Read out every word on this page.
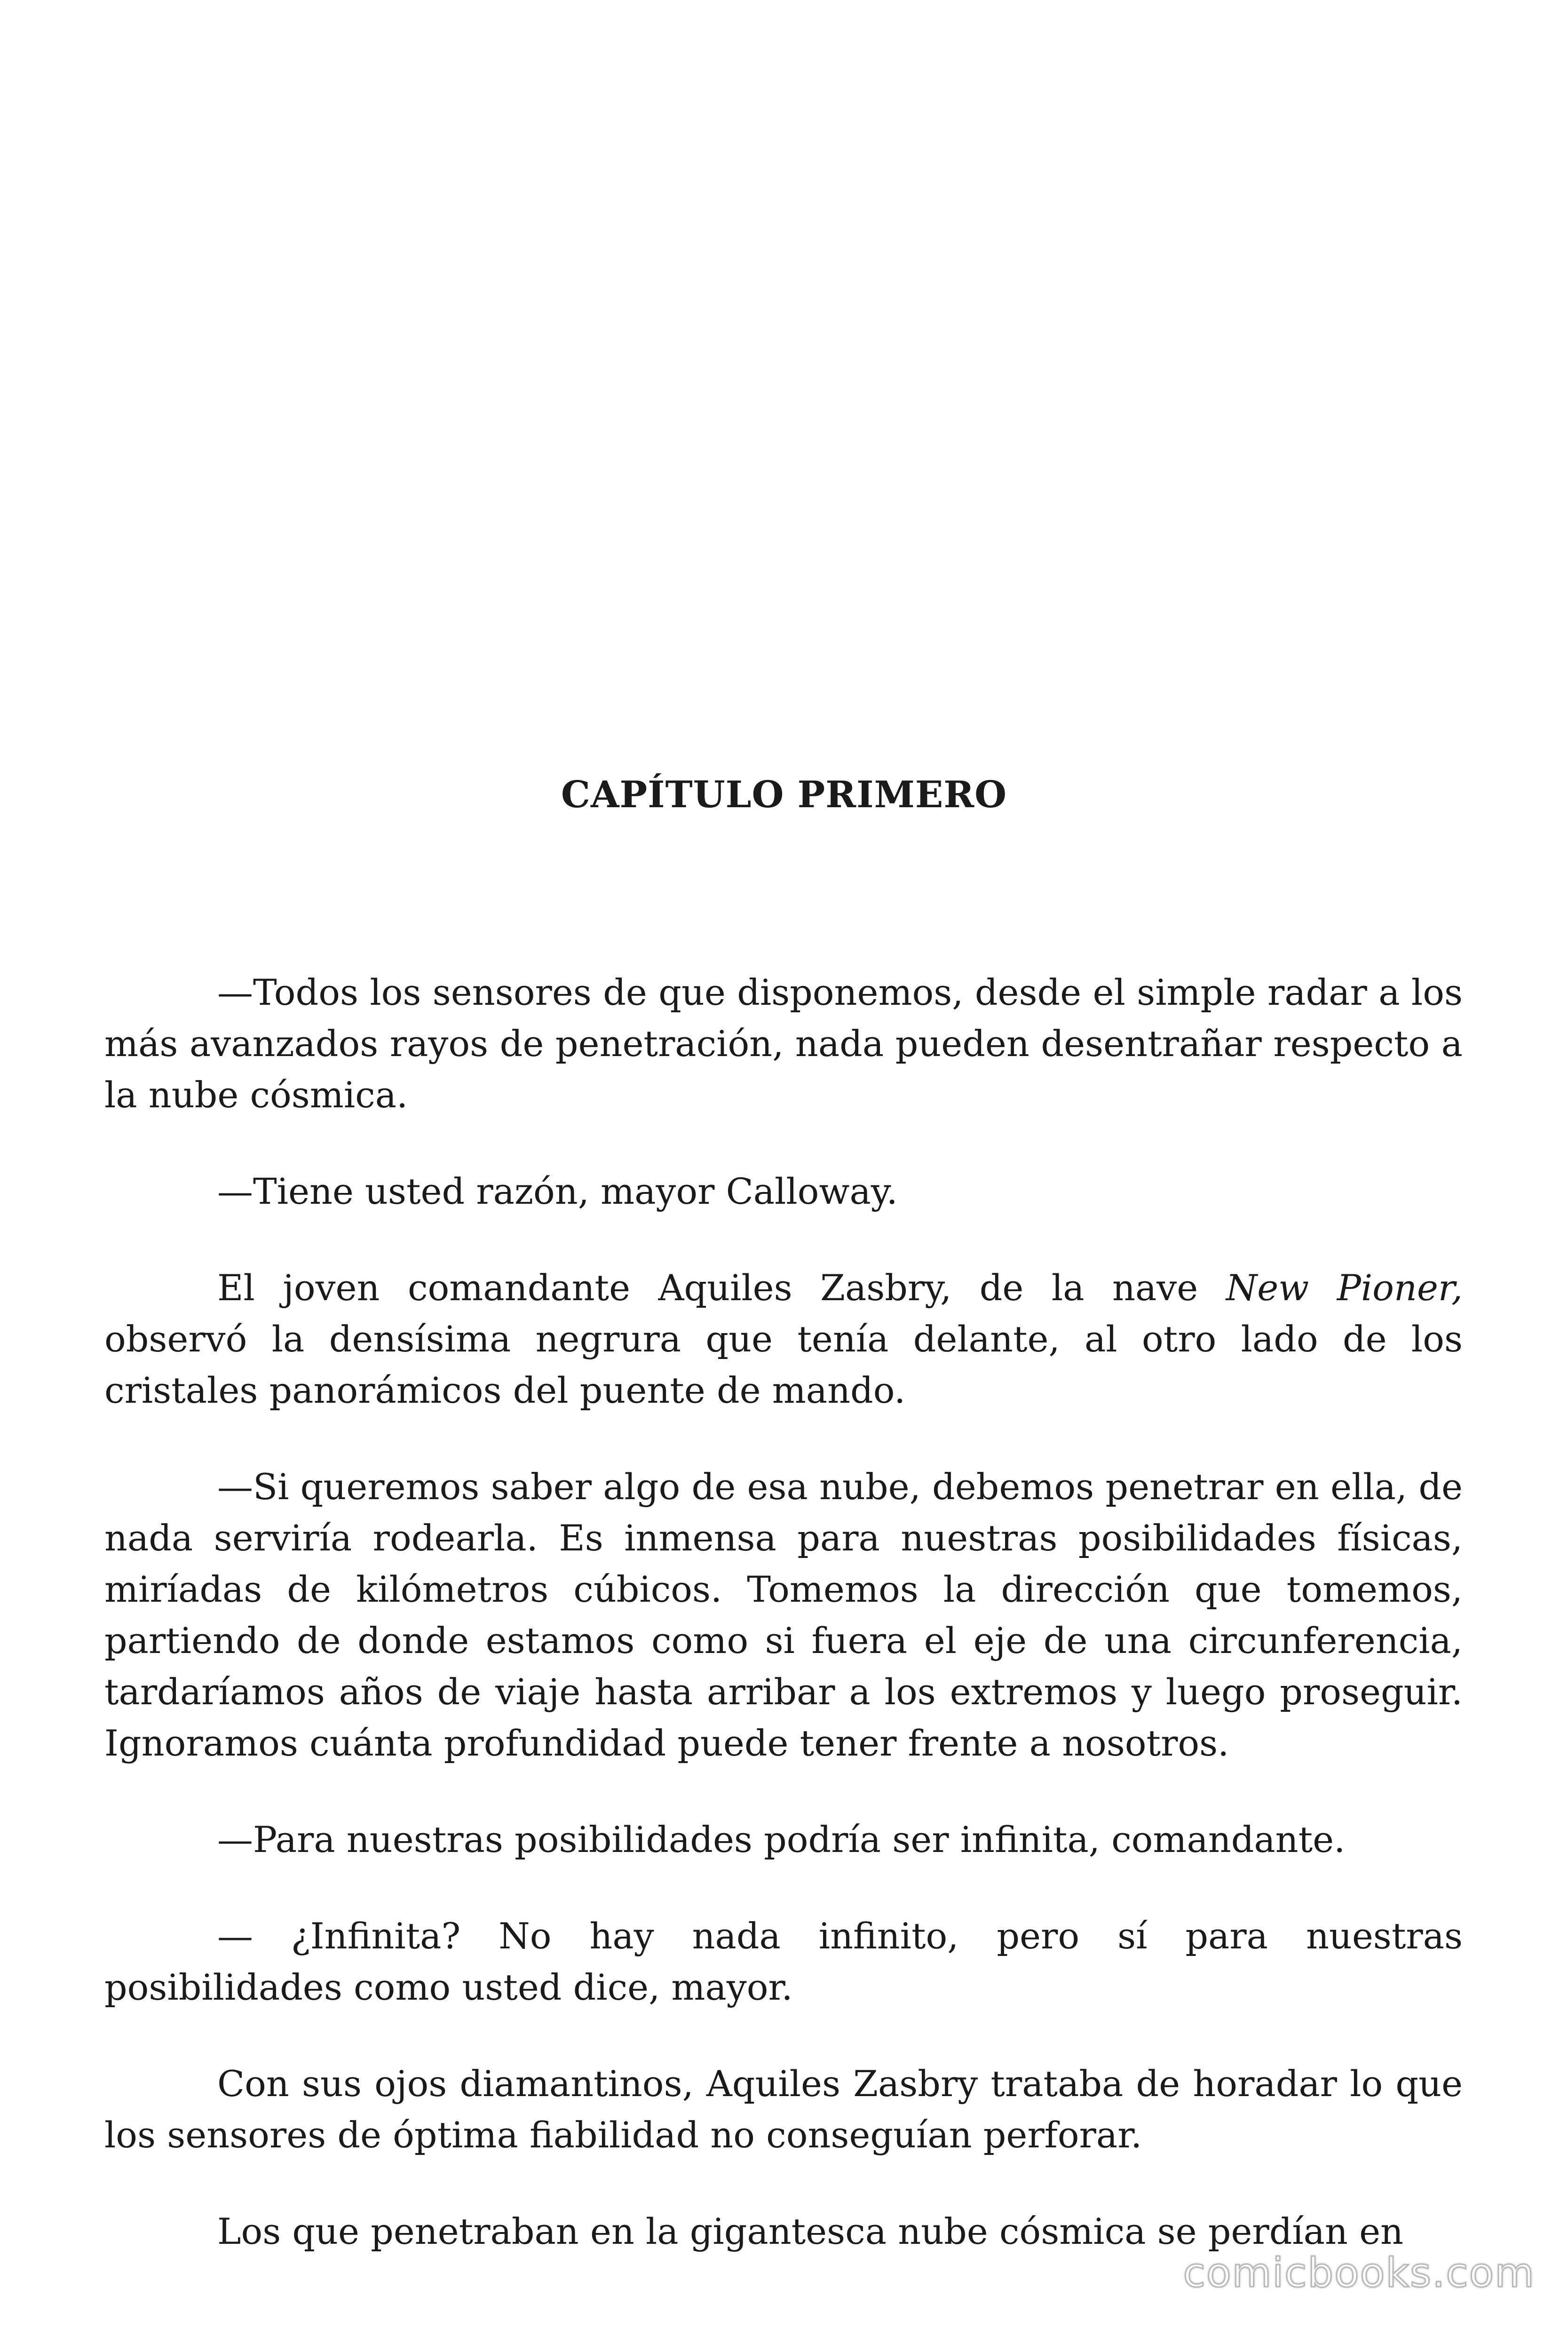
CAPÍTULO PRIMERO

—Todos los sensores de que disponemos, desde el simple radar a los más avanzados rayos de penetración, nada pueden desentrañar respecto a la nube cósmica.

—Tiene usted razón, mayor Calloway.

El joven comandante Aquiles Zasbry, de la nave New Pioner, observó la densísima negrura que tenía delante, al otro lado de los cristales panorámicos del puente de mando.

—Si queremos saber algo de esa nube, debemos penetrar en ella, de nada serviría rodearla. Es inmensa para nuestras posibilidades físicas, miríadas de kilómetros cúbicos. Tomemos la dirección que tomemos, partiendo de donde estamos como si fuera el eje de una circunferencia, tardaríamos años de viaje hasta arribar a los extremos y luego proseguir. Ignoramos cuánta profundidad puede tener frente a nosotros.

—Para nuestras posibilidades podría ser infinita, comandante.

— ¿Infinita? No hay nada infinito, pero sí para nuestras posibilidades como usted dice, mayor.

Con sus ojos diamantinos, Aquiles Zasbry trataba de horadar lo que los sensores de óptima fiabilidad no conseguían perforar.

Los que penetraban en la gigantesca nube cósmica se perdían en

comicbooks.com
